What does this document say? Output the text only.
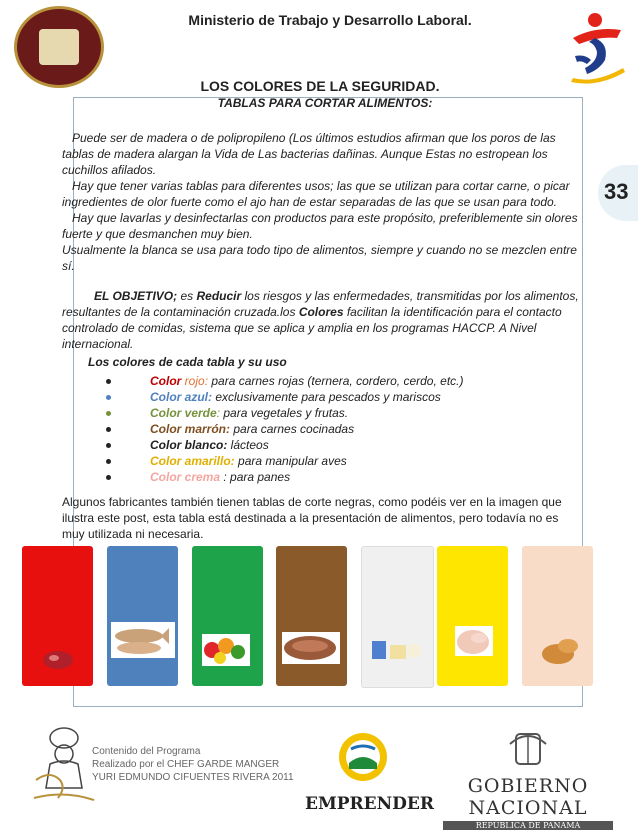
Ministerio de Trabajo y Desarrollo Laboral.
LOS COLORES DE LA SEGURIDAD.
TABLAS PARA CORTAR ALIMENTOS:
33

Puede ser de madera o de polipropileno (Los últimos estudios afirman que los poros de las tablas de madera alargan la Vida de Las bacterias dañinas. Aunque Estas no estropean los cuchillos afilados.

Hay que tener varias tablas para diferentes usos; las que se utilizan para cortar carne, o picar ingredientes de olor fuerte como el ajo han de estar separadas de las que se usan para todo.

Hay que lavarlas y desinfectarlas con productos para este propósito, preferiblemente sin olores fuerte y que desmanchen muy bien.

Usualmente la blanca se usa para todo tipo de alimentos, siempre y cuando no se mezclen entre sí.

EL OBJETIVO; es Reducir los riesgos y las enfermedades, transmitidas por los alimentos, resultantes de la contaminación cruzada.los Colores facilitan la identificación para el contacto controlado de comidas, sistema que se aplica y amplia en los programas HACCP. A Nivel internacional.

Los colores de cada tabla y su uso
Color rojo: para carnes rojas (ternera, cordero, cerdo, etc.)
Color azul: exclusivamente para pescados y mariscos
Color verde: para vegetales y frutas.
Color marrón: para carnes cocinadas
Color blanco: lácteos
Color amarillo: para manipular aves
Color crema : para panes
Algunos fabricantes también tienen tablas de corte negras, como podéis ver en la imagen que ilustra este post, esta tabla está destinada a la presentación de alimentos, pero todavía no es muy utilizada ni necesaria.
Contenido del Programa
Realizado por el CHEF GARDE MANGER
YURI EDMUNDO CIFUENTES RIVERA 2011
EMPRENDER
GOBIERNO NACIONAL
REPÚBLICA DE PANAMÁ
